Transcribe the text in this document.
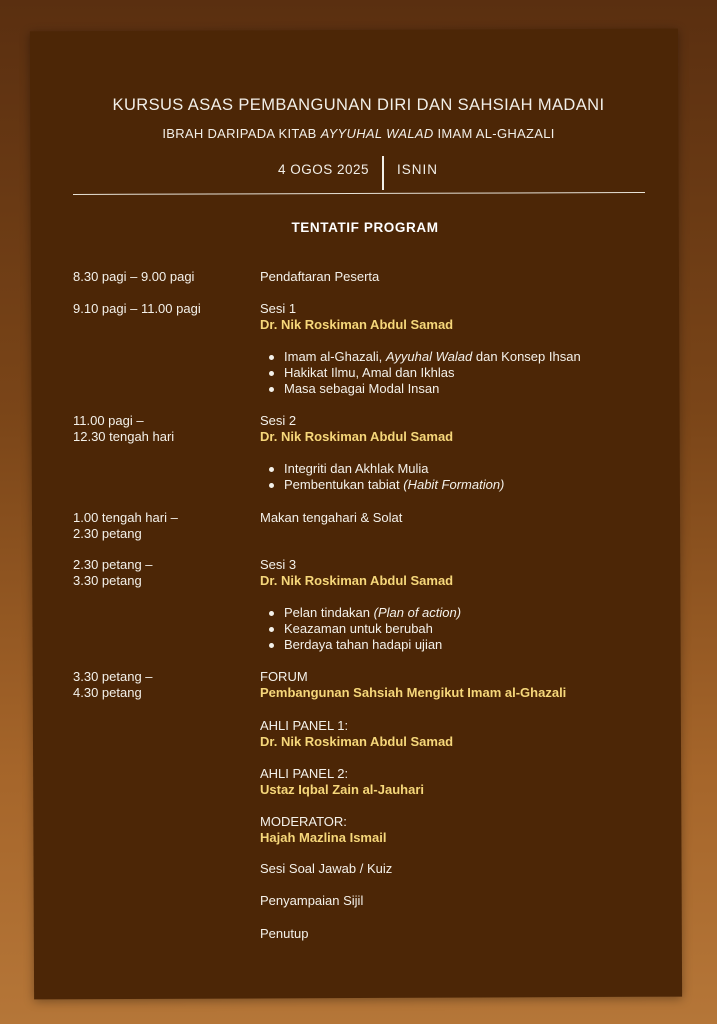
KURSUS ASAS PEMBANGUNAN DIRI DAN SAHSIAH MADANI
IBRAH DARIPADA KITAB AYYUHAL WALAD IMAM AL-GHAZALI
4 OGOS 2025 ISNIN
TENTATIF PROGRAM
8.30 pagi – 9.00 pagi	Pendaftaran Peserta
9.10 pagi – 11.00 pagi	Sesi 1
Dr. Nik Roskiman Abdul Samad
Imam al-Ghazali, Ayyuhal Walad dan Konsep Ihsan
Hakikat Ilmu, Amal dan Ikhlas
Masa sebagai Modal Insan
11.00 pagi –
12.30 tengah hari
Sesi 2
Dr. Nik Roskiman Abdul Samad
Integriti dan Akhlak Mulia
Pembentukan tabiat (Habit Formation)
1.00 tengah hari –
2.30 petang
Makan tengahari & Solat
2.30 petang –
3.30 petang
Sesi 3
Dr. Nik Roskiman Abdul Samad
Pelan tindakan (Plan of action)
Keazaman untuk berubah
Berdaya tahan hadapi ujian
3.30 petang –
4.30 petang
FORUM
Pembangunan Sahsiah Mengikut Imam al-Ghazali
AHLI PANEL 1:
Dr. Nik Roskiman Abdul Samad
AHLI PANEL 2:
Ustaz Iqbal Zain al-Jauhari
MODERATOR:
Hajah Mazlina Ismail
Sesi Soal Jawab / Kuiz
Penyampaian Sijil
Penutup
